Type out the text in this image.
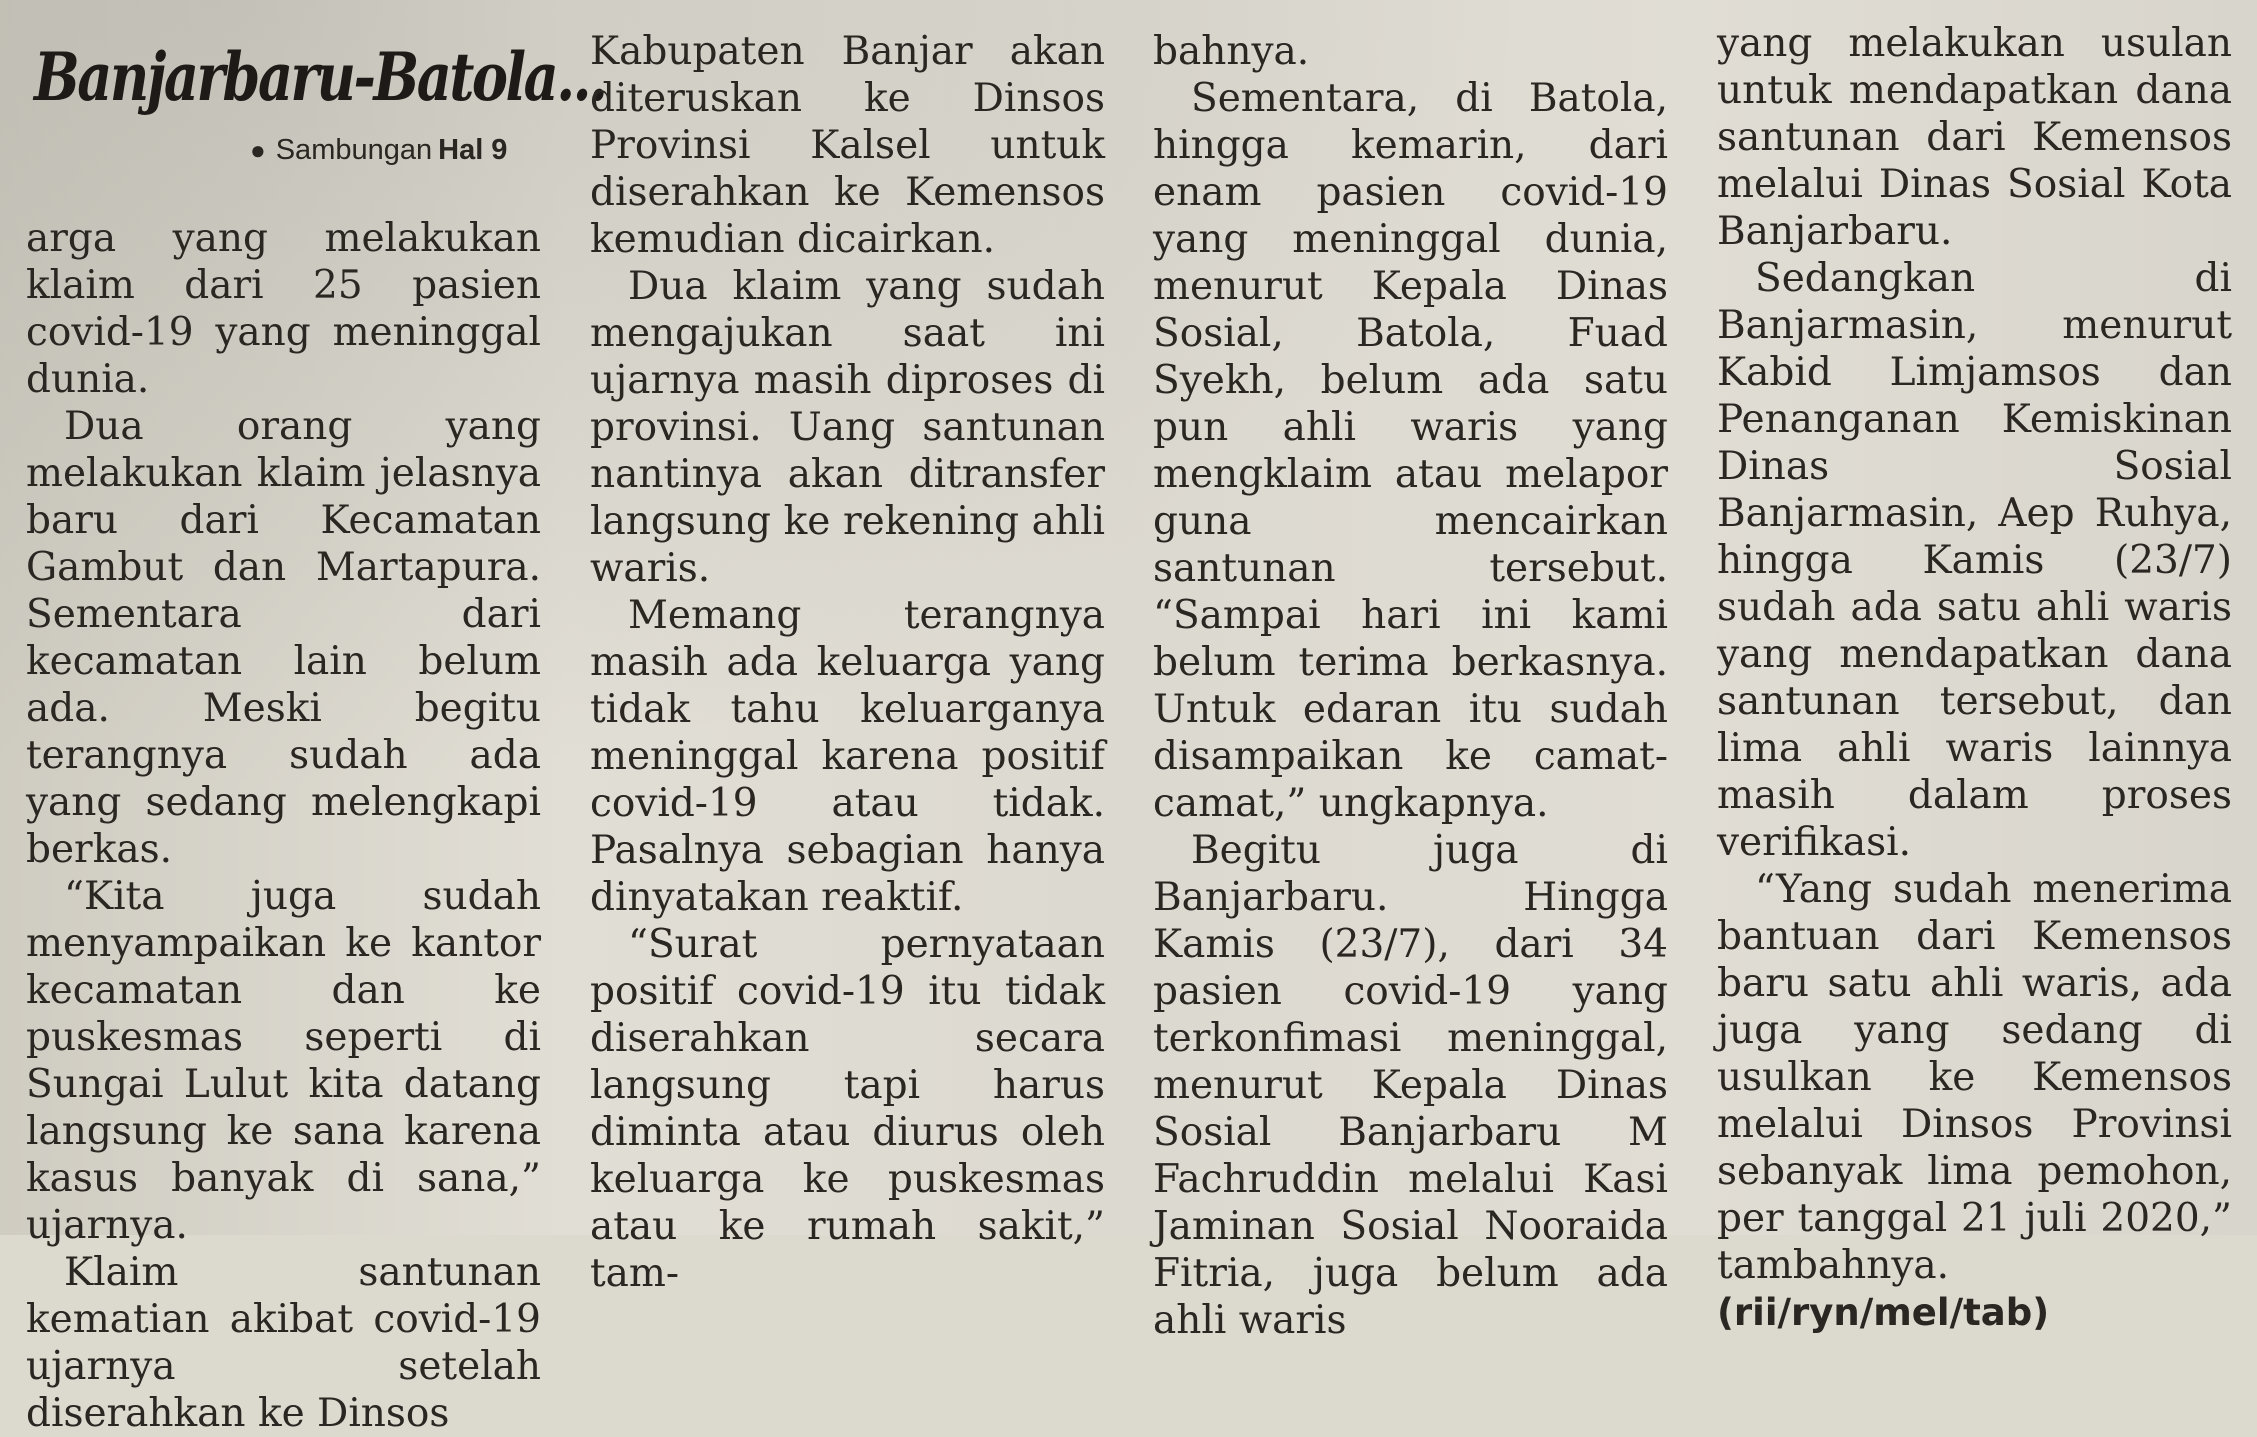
Banjarbaru-Batola...
● Sambungan Hal 9

arga yang melakukan klaim dari 25 pasien covid-19 yang meninggal dunia.

Dua orang yang melakukan klaim jelasnya baru dari Kecamatan Gambut dan Martapura. Sementara dari kecamatan lain belum ada. Meski begitu terangnya sudah ada yang sedang melengkapi berkas.

“Kita juga sudah menyampaikan ke kantor kecamatan dan ke puskesmas seperti di Sungai Lulut kita datang langsung ke sana karena kasus banyak di sana,” ujarnya.

Klaim santunan kematian akibat covid-19 ujarnya setelah diserahkan ke Dinsos

Kabupaten Banjar akan diteruskan ke Dinsos Provinsi Kalsel untuk diserahkan ke Kemensos kemudian dicairkan.

Dua klaim yang sudah mengajukan saat ini ujarnya masih diproses di provinsi. Uang santunan nantinya akan ditransfer langsung ke rekening ahli waris.

Memang terangnya masih ada keluarga yang tidak tahu keluarganya meninggal karena positif covid-19 atau tidak. Pasalnya sebagian hanya dinyatakan reaktif.

“Surat pernyataan positif covid-19 itu tidak diserahkan secara langsung tapi harus diminta atau diurus oleh keluarga ke puskesmas atau ke rumah sakit,” tam-

bahnya.

Sementara, di Batola, hingga kemarin, dari enam pasien covid-19 yang meninggal dunia, menurut Kepala Dinas Sosial, Batola, Fuad Syekh, belum ada satu pun ahli waris yang mengklaim atau melapor guna mencairkan santunan tersebut. “Sampai hari ini kami belum terima berkasnya. Untuk edaran itu sudah disampaikan ke camat-camat,” ungkapnya.

Begitu juga di Banjarbaru. Hingga Kamis (23/7), dari 34 pasien covid-19 yang terkonfimasi meninggal, menurut Kepala Dinas Sosial Banjarbaru M Fachruddin melalui Kasi Jaminan Sosial Nooraida Fitria, juga belum ada ahli waris

yang melakukan usulan untuk mendapatkan dana santunan dari Kemensos melalui Dinas Sosial Kota Banjarbaru.

Sedangkan di Banjarmasin, menurut Kabid Limjamsos dan Penanganan Kemiskinan Dinas Sosial Banjarmasin, Aep Ruhya, hingga Kamis (23/7) sudah ada satu ahli waris yang mendapatkan dana santunan tersebut, dan lima ahli waris lainnya masih dalam proses verifikasi.

“Yang sudah menerima bantuan dari Kemensos baru satu ahli waris, ada juga yang sedang di usulkan ke Kemensos melalui Dinsos Provinsi sebanyak lima pemohon, per tanggal 21 juli 2020,” tambahnya.

(rii/ryn/mel/tab)
